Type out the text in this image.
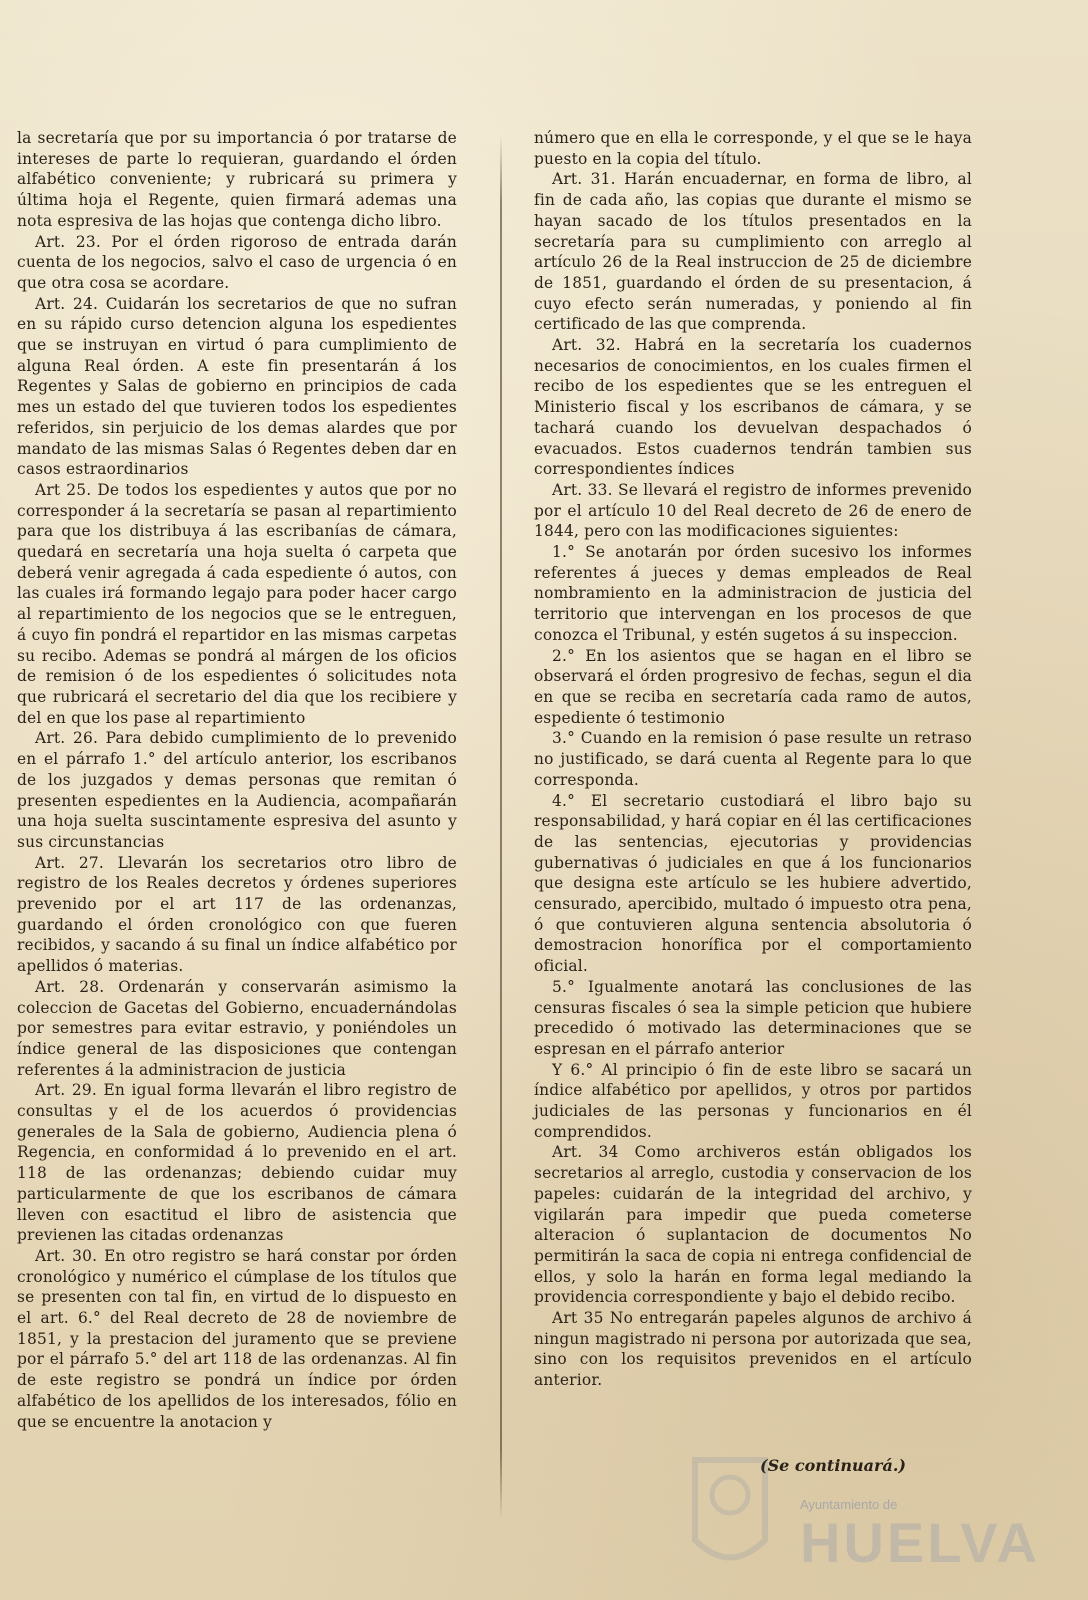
la secretaría que por su importancia ó por tratarse de intereses de parte lo requieran, guardando el órden alfabético conveniente; y rubricará su primera y última hoja el Regente, quien firmará ademas una nota espresiva de las hojas que contenga dicho libro.

Art. 23. Por el órden rigoroso de entrada darán cuenta de los negocios, salvo el caso de urgencia ó en que otra cosa se acordare.

Art. 24. Cuidarán los secretarios de que no sufran en su rápido curso detencion alguna los espedientes que se instruyan en virtud ó para cumplimiento de alguna Real órden. A este fin presentarán á los Regentes y Salas de gobierno en principios de cada mes un estado del que tuvieren todos los espedientes referidos, sin perjuicio de los demas alardes que por mandato de las mismas Salas ó Regentes deben dar en casos estraordinarios

Art 25. De todos los espedientes y autos que por no corresponder á la secretaría se pasan al repartimiento para que los distribuya á las escribanías de cámara, quedará en secretaría una hoja suelta ó carpeta que deberá venir agregada á cada espediente ó autos, con las cuales irá formando legajo para poder hacer cargo al repartimiento de los negocios que se le entreguen, á cuyo fin pondrá el repartidor en las mismas carpetas su recibo. Ademas se pondrá al márgen de los oficios de remision ó de los espedientes ó solicitudes nota que rubricará el secretario del dia que los recibiere y del en que los pase al repartimiento

Art. 26. Para debido cumplimiento de lo prevenido en el párrafo 1.° del artículo anterior, los escribanos de los juzgados y demas personas que remitan ó presenten espedientes en la Audiencia, acompañarán una hoja suelta suscintamente espresiva del asunto y sus circunstancias

Art. 27. Llevarán los secretarios otro libro de registro de los Reales decretos y órdenes superiores prevenido por el art 117 de las ordenanzas, guardando el órden cronológico con que fueren recibidos, y sacando á su final un índice alfabético por apellidos ó materias.

Art. 28. Ordenarán y conservarán asimismo la coleccion de Gacetas del Gobierno, encuadernándolas por semestres para evitar estravio, y poniéndoles un índice general de las disposiciones que contengan referentes á la administracion de justicia

Art. 29. En igual forma llevarán el libro registro de consultas y el de los acuerdos ó providencias generales de la Sala de gobierno, Audiencia plena ó Regencia, en conformidad á lo prevenido en el art. 118 de las ordenanzas; debiendo cuidar muy particularmente de que los escribanos de cámara lleven con esactitud el libro de asistencia que previenen las citadas ordenanzas

Art. 30. En otro registro se hará constar por órden cronológico y numérico el cúmplase de los títulos que se presenten con tal fin, en virtud de lo dispuesto en el art. 6.° del Real decreto de 28 de noviembre de 1851, y la prestacion del juramento que se previene por el párrafo 5.° del art 118 de las ordenanzas. Al fin de este registro se pondrá un índice por órden alfabético de los apellidos de los interesados, fólio en que se encuentre la anotacion y

número que en ella le corresponde, y el que se le haya puesto en la copia del título.

Art. 31. Harán encuadernar, en forma de libro, al fin de cada año, las copias que durante el mismo se hayan sacado de los títulos presentados en la secretaría para su cumplimiento con arreglo al artículo 26 de la Real instruccion de 25 de diciembre de 1851, guardando el órden de su presentacion, á cuyo efecto serán numeradas, y poniendo al fin certificado de las que comprenda.

Art. 32. Habrá en la secretaría los cuadernos necesarios de conocimientos, en los cuales firmen el recibo de los espedientes que se les entreguen el Ministerio fiscal y los escribanos de cámara, y se tachará cuando los devuelvan despachados ó evacuados. Estos cuadernos tendrán tambien sus correspondientes índices

Art. 33. Se llevará el registro de informes prevenido por el artículo 10 del Real decreto de 26 de enero de 1844, pero con las modificaciones siguientes:

1.° Se anotarán por órden sucesivo los informes referentes á jueces y demas empleados de Real nombramiento en la administracion de justicia del territorio que intervengan en los procesos de que conozca el Tribunal, y estén sugetos á su inspeccion.

2.° En los asientos que se hagan en el libro se observará el órden progresivo de fechas, segun el dia en que se reciba en secretaría cada ramo de autos, espediente ó testimonio

3.° Cuando en la remision ó pase resulte un retraso no justificado, se dará cuenta al Regente para lo que corresponda.

4.° El secretario custodiará el libro bajo su responsabilidad, y hará copiar en él las certificaciones de las sentencias, ejecutorias y providencias gubernativas ó judiciales en que á los funcionarios que designa este artículo se les hubiere advertido, censurado, apercibido, multado ó impuesto otra pena, ó que contuvieren alguna sentencia absolutoria ó demostracion honorífica por el comportamiento oficial.

5.° Igualmente anotará las conclusiones de las censuras fiscales ó sea la simple peticion que hubiere precedido ó motivado las determinaciones que se espresan en el párrafo anterior

Y 6.° Al principio ó fin de este libro se sacará un índice alfabético por apellidos, y otros por partidos judiciales de las personas y funcionarios en él comprendidos.

Art. 34 Como archiveros están obligados los secretarios al arreglo, custodia y conservacion de los papeles: cuidarán de la integridad del archivo, y vigilarán para impedir que pueda cometerse alteracion ó suplantacion de documentos No permitirán la saca de copia ni entrega confidencial de ellos, y solo la harán en forma legal mediando la providencia correspondiente y bajo el debido recibo.

Art 35 No entregarán papeles algunos de archivo á ningun magistrado ni persona por autorizada que sea, sino con los requisitos prevenidos en el artículo anterior.

(Se continuará.)
Ayuntamiento de
HUELVA
